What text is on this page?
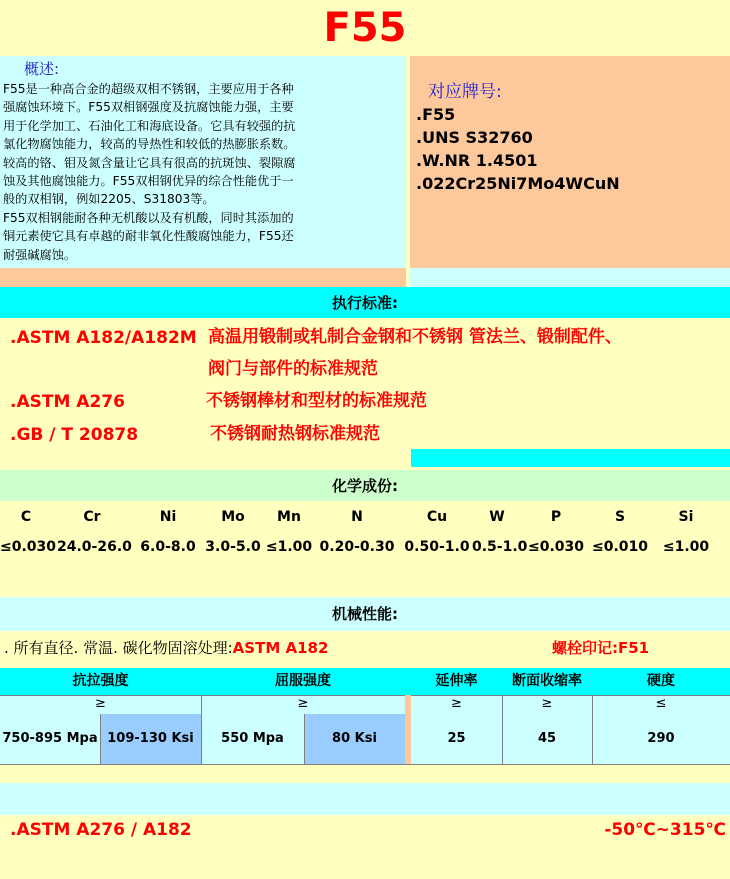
F55
概述:
F55是一种高合金的超级双相不锈钢，主要应用于各种
强腐蚀环境下。F55双相钢强度及抗腐蚀能力强，主要
用于化学加工、石油化工和海底设备。它具有较强的抗
氯化物腐蚀能力，较高的导热性和较低的热膨胀系数。
较高的铬、钼及氮含量让它具有很高的抗斑蚀、裂隙腐
蚀及其他腐蚀能力。F55双相钢优异的综合性能优于一
般的双相钢，例如2205、S31803等。
F55双相钢能耐各种无机酸以及有机酸，同时其添加的
铜元素使它具有卓越的耐非氧化性酸腐蚀能力，F55还
耐强碱腐蚀。
对应牌号:
.F55
.UNS S32760
.W.NR 1.4501
.022Cr25Ni7Mo4WCuN
执行标准:
.ASTM A182/A182M 高温用锻制或轧制合金钢和不锈钢 管法兰、锻制配件、
阀门与部件的标准规范
.ASTM A276	不锈钢棒材和型材的标准规范
.GB / T 20878	不锈钢耐热钢标准规范
化学成份:
C	Cr	Ni	Mo	Mn	N	Cu	W	P	S	Si
≤0.030 24.0-26.0 6.0-8.0 3.0-5.0 ≤1.00 0.20-0.30 0.50-1.0 0.5-1.0 ≤0.030 ≤0.010	≤1.00
机械性能:
. 所有直径. 常温. 碳化物固溶处理:ASTM A182	螺栓印记:F51
抗拉强度	屈服强度	延伸率	断面收缩率	硬度
≥	≥	≥	≥	≤
750-895 Mpa 109-130 Ksi	550 Mpa	80 Ksi	25	45	290
.ASTM A276 / A182	-50℃~315℃
